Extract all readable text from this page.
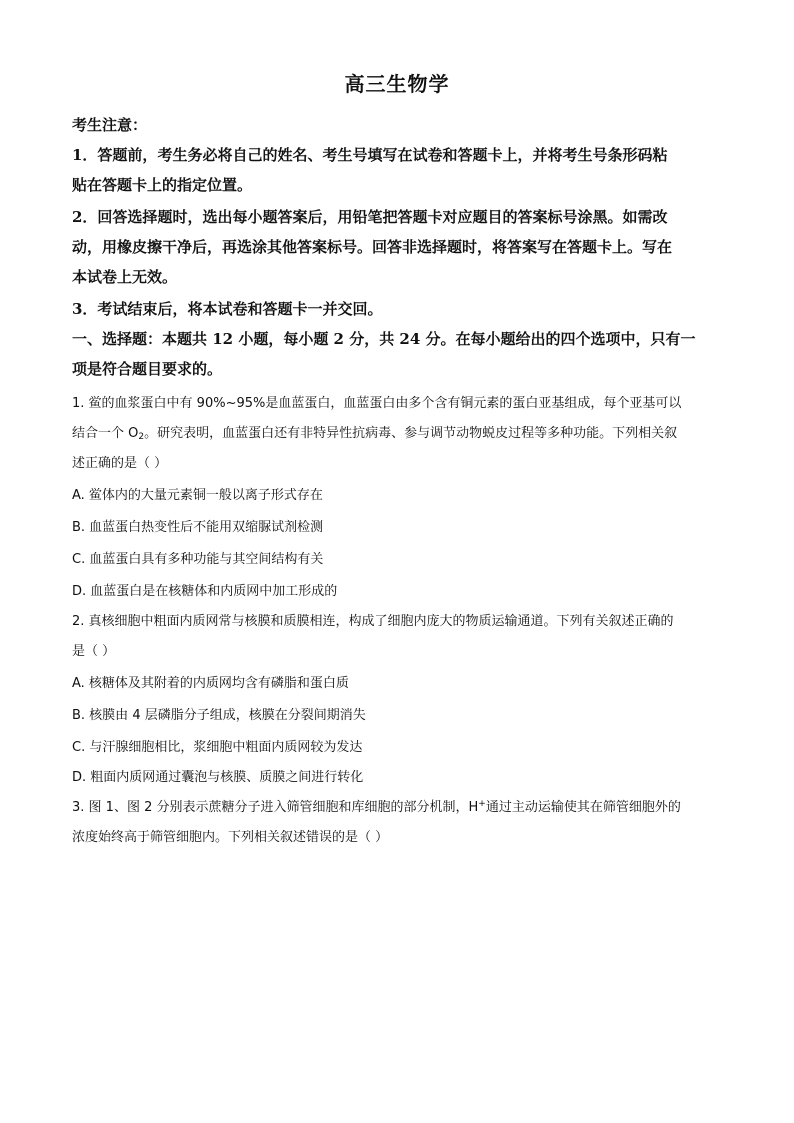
高三生物学
考生注意：
1．答题前，考生务必将自己的姓名、考生号填写在试卷和答题卡上，并将考生号条形码粘
贴在答题卡上的指定位置。
2．回答选择题时，选出每小题答案后，用铅笔把答题卡对应题目的答案标号涂黑。如需改
动，用橡皮擦干净后，再选涂其他答案标号。回答非选择题时，将答案写在答题卡上。写在
本试卷上无效。
3．考试结束后，将本试卷和答题卡一并交回。
一、选择题：本题共 12 小题，每小题 2 分，共 24 分。在每小题给出的四个选项中，只有一
项是符合题目要求的。
1. 鲎的血浆蛋白中有 90%~95%是血蓝蛋白，血蓝蛋白由多个含有铜元素的蛋白亚基组成，每个亚基可以
结合一个 $O_2$。研究表明，血蓝蛋白还有非特异性抗病毒、参与调节动物蜕皮过程等多种功能。下列相关叙
述正确的是（ ）
A. 鲎体内的大量元素铜一般以离子形式存在
B. 血蓝蛋白热变性后不能用双缩脲试剂检测
C. 血蓝蛋白具有多种功能与其空间结构有关
D. 血蓝蛋白是在核糖体和内质网中加工形成的
2. 真核细胞中粗面内质网常与核膜和质膜相连，构成了细胞内庞大的物质运输通道。下列有关叙述正确的
是（ ）
A. 核糖体及其附着的内质网均含有磷脂和蛋白质
B. 核膜由 4 层磷脂分子组成，核膜在分裂间期消失
C. 与汗腺细胞相比，浆细胞中粗面内质网较为发达
D. 粗面内质网通过囊泡与核膜、质膜之间进行转化
3. 图 1、图 2 分别表示蔗糖分子进入筛管细胞和库细胞的部分机制，H+通过主动运输使其在筛管细胞外的
浓度始终高于筛管细胞内。下列相关叙述错误的是（ ）
